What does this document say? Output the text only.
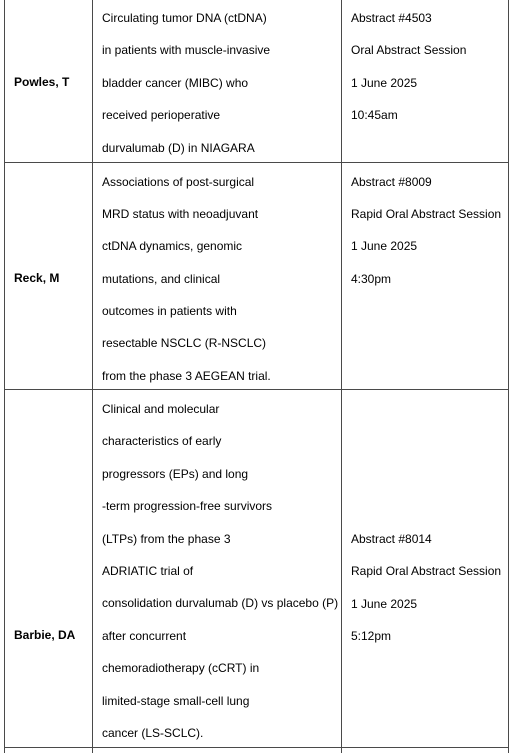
Powles, T
Circulating tumor DNA (ctDNA)
in patients with muscle-invasive
bladder cancer (MIBC) who
received perioperative
durvalumab (D) in NIAGARA
Abstract #4503
Oral Abstract Session
1 June 2025
10:45am
Reck, M
Associations of post-surgical
MRD status with neoadjuvant
ctDNA dynamics, genomic
mutations, and clinical
outcomes in patients with
resectable NSCLC (R-NSCLC)
from the phase 3 AEGEAN trial.
Abstract #8009
Rapid Oral Abstract Session
1 June 2025
4:30pm
Barbie, DA
Clinical and molecular
characteristics of early
progressors (EPs) and long
-term progression-free survivors
(LTPs) from the phase 3
ADRIATIC trial of
consolidation durvalumab (D) vs placebo (P)
after concurrent
chemoradiotherapy (cCRT) in
limited-stage small-cell lung
cancer (LS-SCLC).
Abstract #8014
Rapid Oral Abstract Session
1 June 2025
5:12pm
